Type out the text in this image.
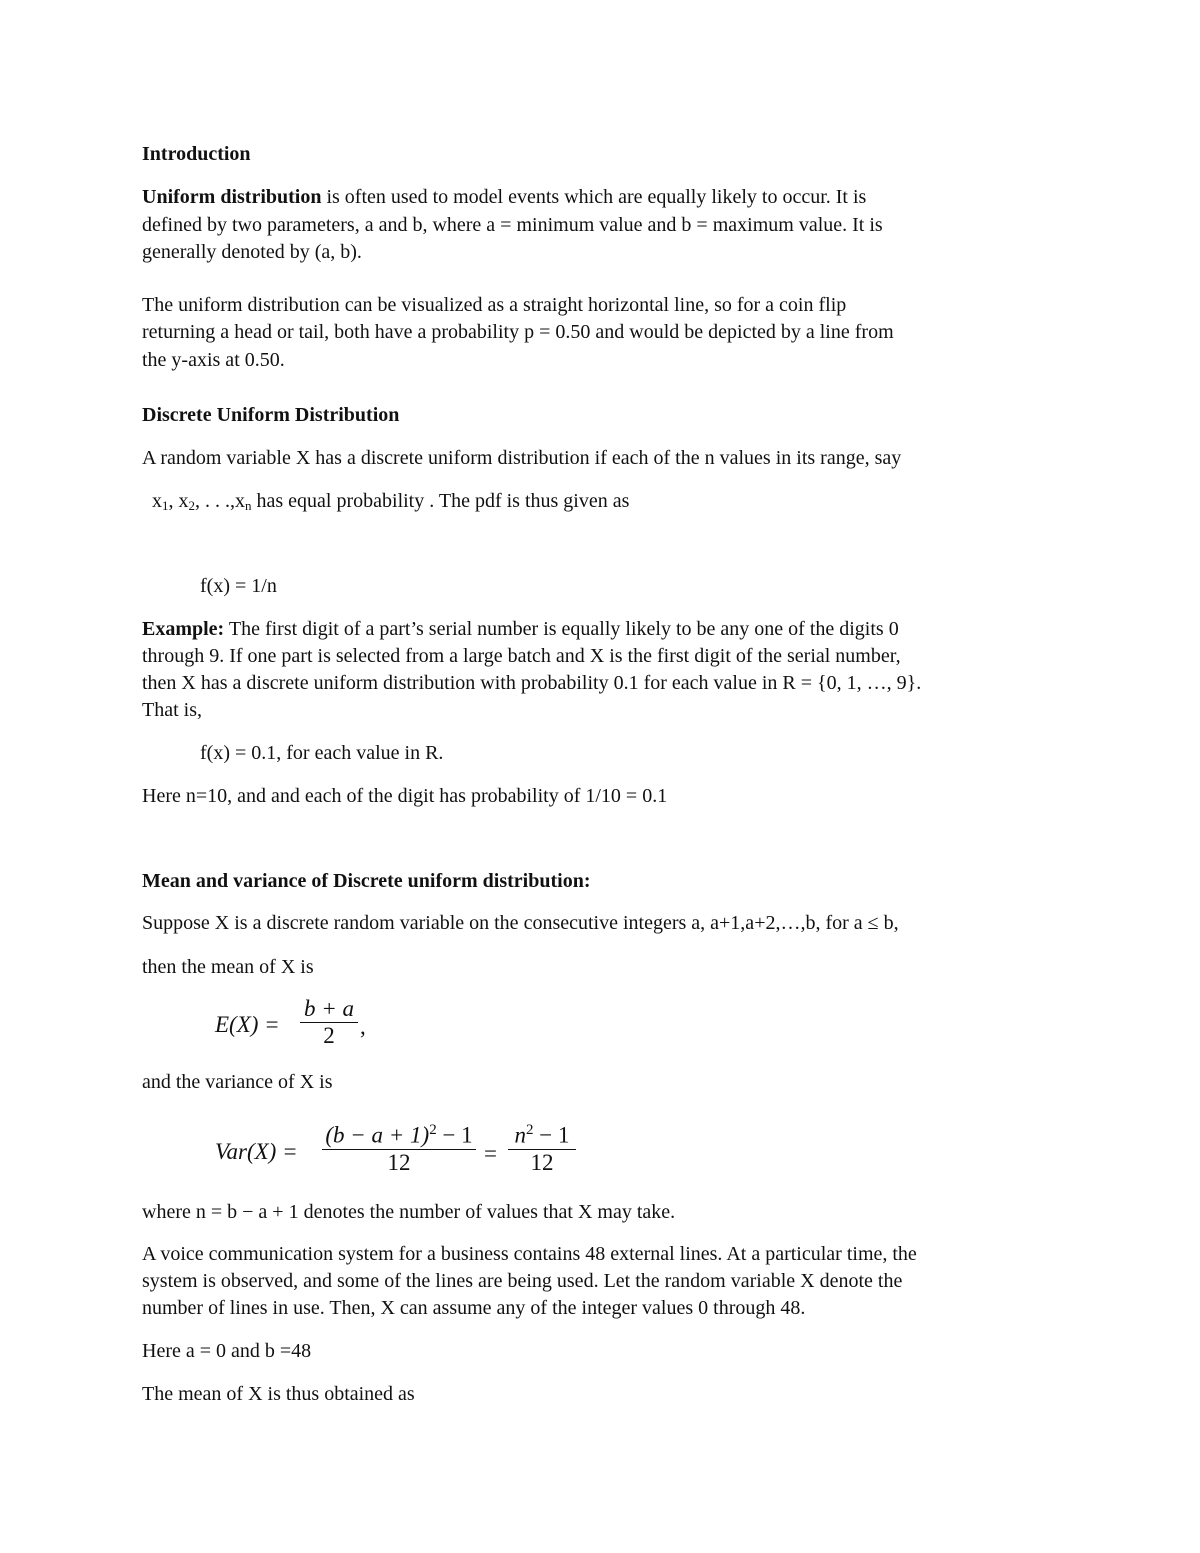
Introduction
Uniform distribution is often used to model events which are equally likely to occur. It is
defined by two parameters, a and b, where a = minimum value and b = maximum value. It is
generally denoted by (a, b).
The uniform distribution can be visualized as a straight horizontal line, so for a coin flip
returning a head or tail, both have a probability p = 0.50 and would be depicted by a line from
the y-axis at 0.50.
Discrete Uniform Distribution
A random variable X has a discrete uniform distribution if each of the n values in its range, say
$x_1$, $x_2$, . . $.,x_n$ has equal probability . The pdf is thus given as
f(x) = 1/n
Example: The first digit of a part’s serial number is equally likely to be any one of the digits 0
through 9. If one part is selected from a large batch and X is the first digit of the serial number,
then X has a discrete uniform distribution with probability 0.1 for each value in R = {0, 1, …, 9}.
That is,
f(x) = 0.1, for each value in R.
Here n=10, and and each of the digit has probability of 1/10 = 0.1
Mean and variance of Discrete uniform distribution:
Suppose X is a discrete random variable on the consecutive integers a, a+1,a+2,…,b, for a ≤ b,
then the mean of X is
E(X) =
b + a
2 ,
and the variance of X is
Var(X) =
$(b - a + 1)^2 - 1$
12	=
$n^2 - 1$
12
where n = b − a + 1 denotes the number of values that X may take.
A voice communication system for a business contains 48 external lines. At a particular time, the
system is observed, and some of the lines are being used. Let the random variable X denote the
number of lines in use. Then, X can assume any of the integer values 0 through 48.
Here a = 0 and b =48
The mean of X is thus obtained as
